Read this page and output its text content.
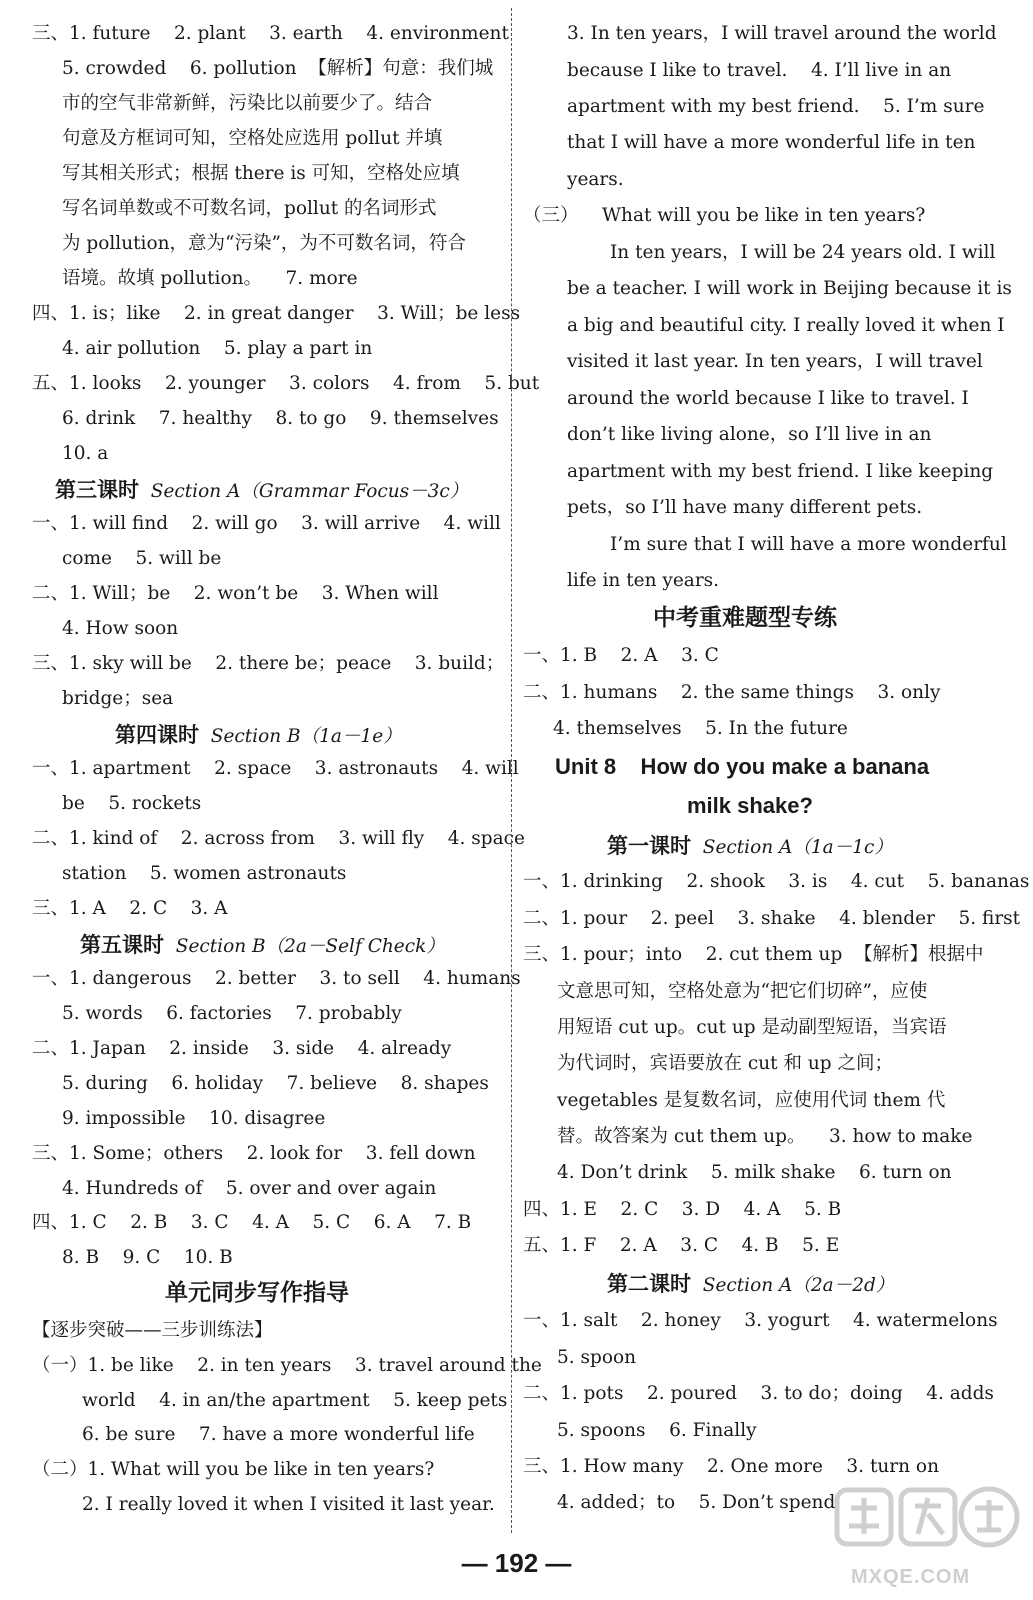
三、1. future    2. plant    3. earth    4. environment
5. crowded    6. pollution  【解析】句意：我们城
市的空气非常新鲜，污染比以前要少了。结合
句意及方框词可知，空格处应选用 pollut 并填
写其相关形式；根据 there is 可知，空格处应填
写名词单数或不可数名词，pollut 的名词形式
为 pollution，意为“污染”，为不可数名词，符合
语境。故填 pollution。    7. more
四、1. is；like    2. in great danger    3. Will；be less
4. air pollution    5. play a part in
五、1. looks    2. younger    3. colors    4. from    5. but
6. drink    7. healthy    8. to go    9. themselves
10. a
第三课时 Section A（Grammar Focus－3c）
一、1. will find    2. will go    3. will arrive    4. will
come    5. will be
二、1. Will；be    2. won’t be    3. When will
4. How soon
三、1. sky will be    2. there be；peace    3. build；
bridge；sea
第四课时 Section B（1a－1e）
一、1. apartment    2. space    3. astronauts    4. will
be    5. rockets
二、1. kind of    2. across from    3. will fly    4. space
station    5. women astronauts
三、1. A    2. C    3. A
第五课时 Section B（2a－Self Check）
一、1. dangerous    2. better    3. to sell    4. humans
5. words    6. factories    7. probably
二、1. Japan    2. inside    3. side    4. already
5. during    6. holiday    7. believe    8. shapes
9. impossible    10. disagree
三、1. Some；others    2. look for    3. fell down
4. Hundreds of    5. over and over again
四、1. C    2. B    3. C    4. A    5. C    6. A    7. B
8. B    9. C    10. B
单元同步写作指导
【逐步突破——三步训练法】
（一）1. be like    2. in ten years    3. travel around the
world    4. in an/the apartment    5. keep pets
6. be sure    7. have a more wonderful life
（二）1. What will you be like in ten years?
2. I really loved it when I visited it last year.
3. In ten years，I will travel around the world
because I like to travel.    4. I’ll live in an
apartment with my best friend.    5. I’m sure
that I will have a more wonderful life in ten
years.
（三）    What will you be like in ten years?
In ten years，I will be 24 years old. I will
be a teacher. I will work in Beijing because it is
a big and beautiful city. I really loved it when I
visited it last year. In ten years，I will travel
around the world because I like to travel. I
don’t like living alone，so I’ll live in an
apartment with my best friend. I like keeping
pets，so I’ll have many different pets.
I’m sure that I will have a more wonderful
life in ten years.
中考重难题型专练
一、1. B    2. A    3. C
二、1. humans    2. the same things    3. only
4. themselves    5. In the future
Unit 8    How do you make a banana
milk shake?
第一课时 Section A（1a－1c）
一、1. drinking    2. shook    3. is    4. cut    5. bananas
二、1. pour    2. peel    3. shake    4. blender    5. first
三、1. pour；into    2. cut them up  【解析】根据中
文意思可知，空格处意为“把它们切碎”，应使
用短语 cut up。cut up 是动副型短语，当宾语
为代词时，宾语要放在 cut 和 up 之间；
vegetables 是复数名词，应使用代词 them 代
替。故答案为 cut them up。    3. how to make
4. Don’t drink    5. milk shake    6. turn on
四、1. E    2. C    3. D    4. A    5. B
五、1. F    2. A    3. C    4. B    5. E
第二课时 Section A（2a－2d）
一、1. salt    2. honey    3. yogurt    4. watermelons
5. spoon
二、1. pots    2. poured    3. to do；doing    4. adds
5. spoons    6. Finally
三、1. How many    2. One more    3. turn on
4. added；to    5. Don’t spend
— 192 —	MXQE.COM
